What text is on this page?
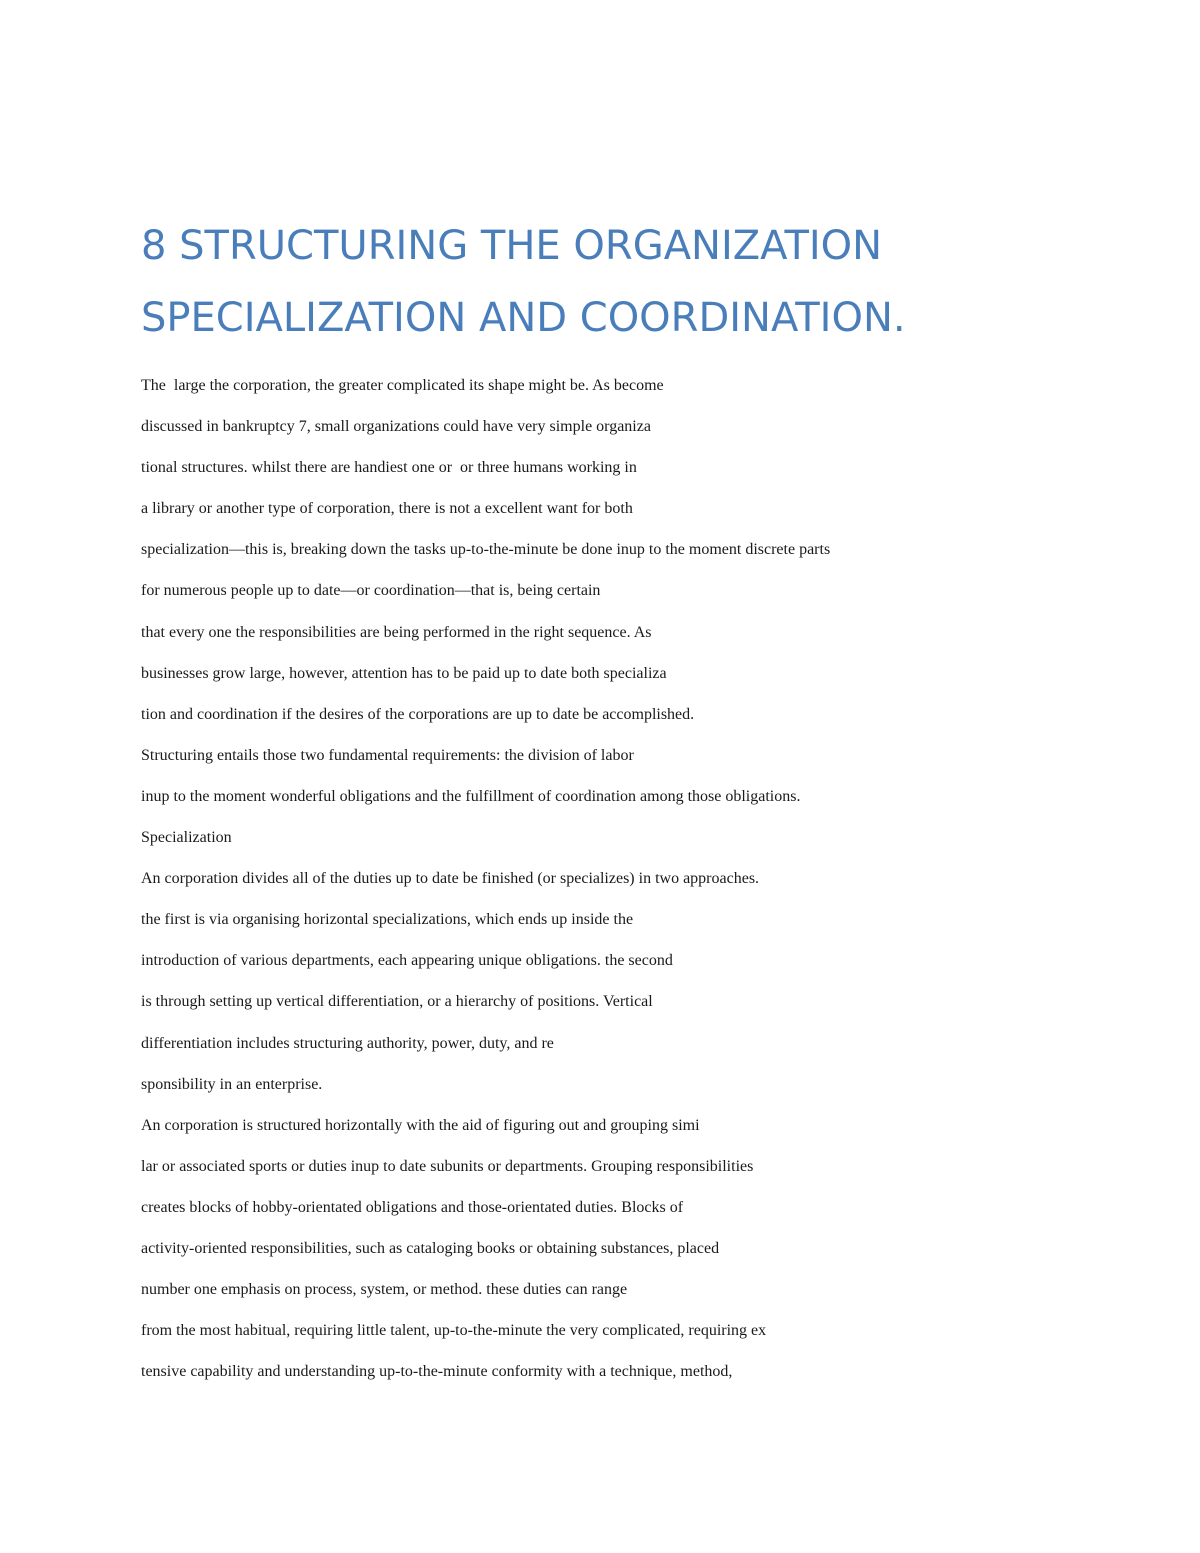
8 STRUCTURING THE ORGANIZATION
SPECIALIZATION AND COORDINATION.
The  large the corporation, the greater complicated its shape might be. As become
discussed in bankruptcy 7, small organizations could have very simple organiza
tional structures. whilst there are handiest one or  or three humans working in
a library or another type of corporation, there is not a excellent want for both
specialization—this is, breaking down the tasks up-to-the-minute be done inup to the moment discrete parts
for numerous people up to date—or coordination—that is, being certain
that every one the responsibilities are being performed in the right sequence. As
businesses grow large, however, attention has to be paid up to date both specializa
tion and coordination if the desires of the corporations are up to date be accomplished.
Structuring entails those two fundamental requirements: the division of labor
inup to the moment wonderful obligations and the fulfillment of coordination among those obligations.
Specialization
An corporation divides all of the duties up to date be finished (or specializes) in two approaches.
the first is via organising horizontal specializations, which ends up inside the
introduction of various departments, each appearing unique obligations. the second
is through setting up vertical differentiation, or a hierarchy of positions. Vertical
differentiation includes structuring authority, power, duty, and re
sponsibility in an enterprise.
An corporation is structured horizontally with the aid of figuring out and grouping simi
lar or associated sports or duties inup to date subunits or departments. Grouping responsibilities
creates blocks of hobby-orientated obligations and those-orientated duties. Blocks of
activity-oriented responsibilities, such as cataloging books or obtaining substances, placed
number one emphasis on process, system, or method. these duties can range
from the most habitual, requiring little talent, up-to-the-minute the very complicated, requiring ex
tensive capability and understanding up-to-the-minute conformity with a technique, method,
